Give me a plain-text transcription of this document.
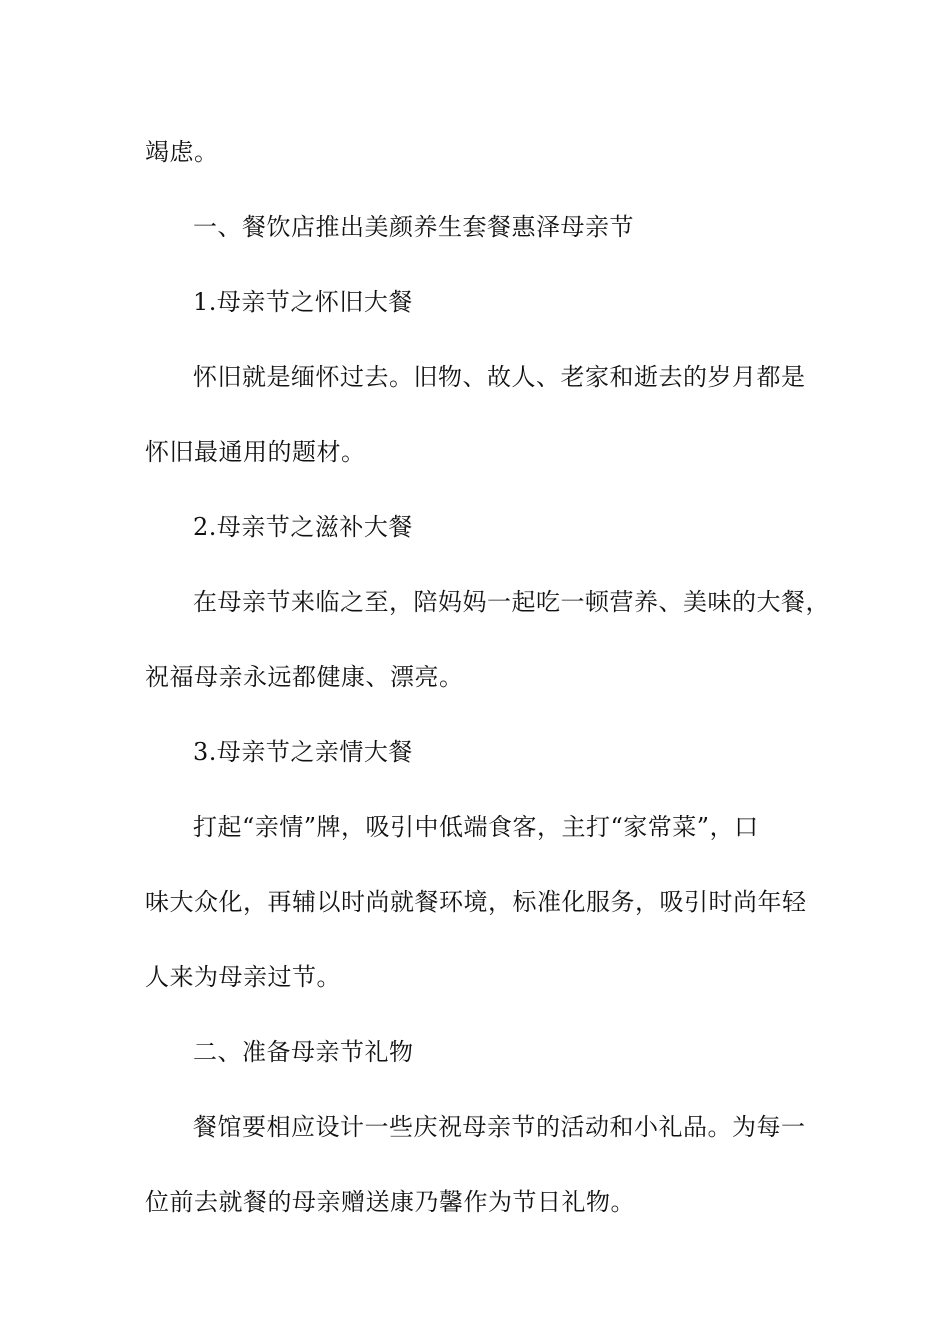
竭虑。
一、餐饮店推出美颜养生套餐惠泽母亲节
1.母亲节之怀旧大餐
怀旧就是缅怀过去。旧物、故人、老家和逝去的岁月都是
怀旧最通用的题材。
2.母亲节之滋补大餐
在母亲节来临之至，陪妈妈一起吃一顿营养、美味的大餐，
祝福母亲永远都健康、漂亮。
3.母亲节之亲情大餐
打起“亲情”牌，吸引中低端食客，主打“家常菜”，口
味大众化，再辅以时尚就餐环境，标准化服务，吸引时尚年轻
人来为母亲过节。
二、准备母亲节礼物
餐馆要相应设计一些庆祝母亲节的活动和小礼品。为每一
位前去就餐的母亲赠送康乃馨作为节日礼物。
